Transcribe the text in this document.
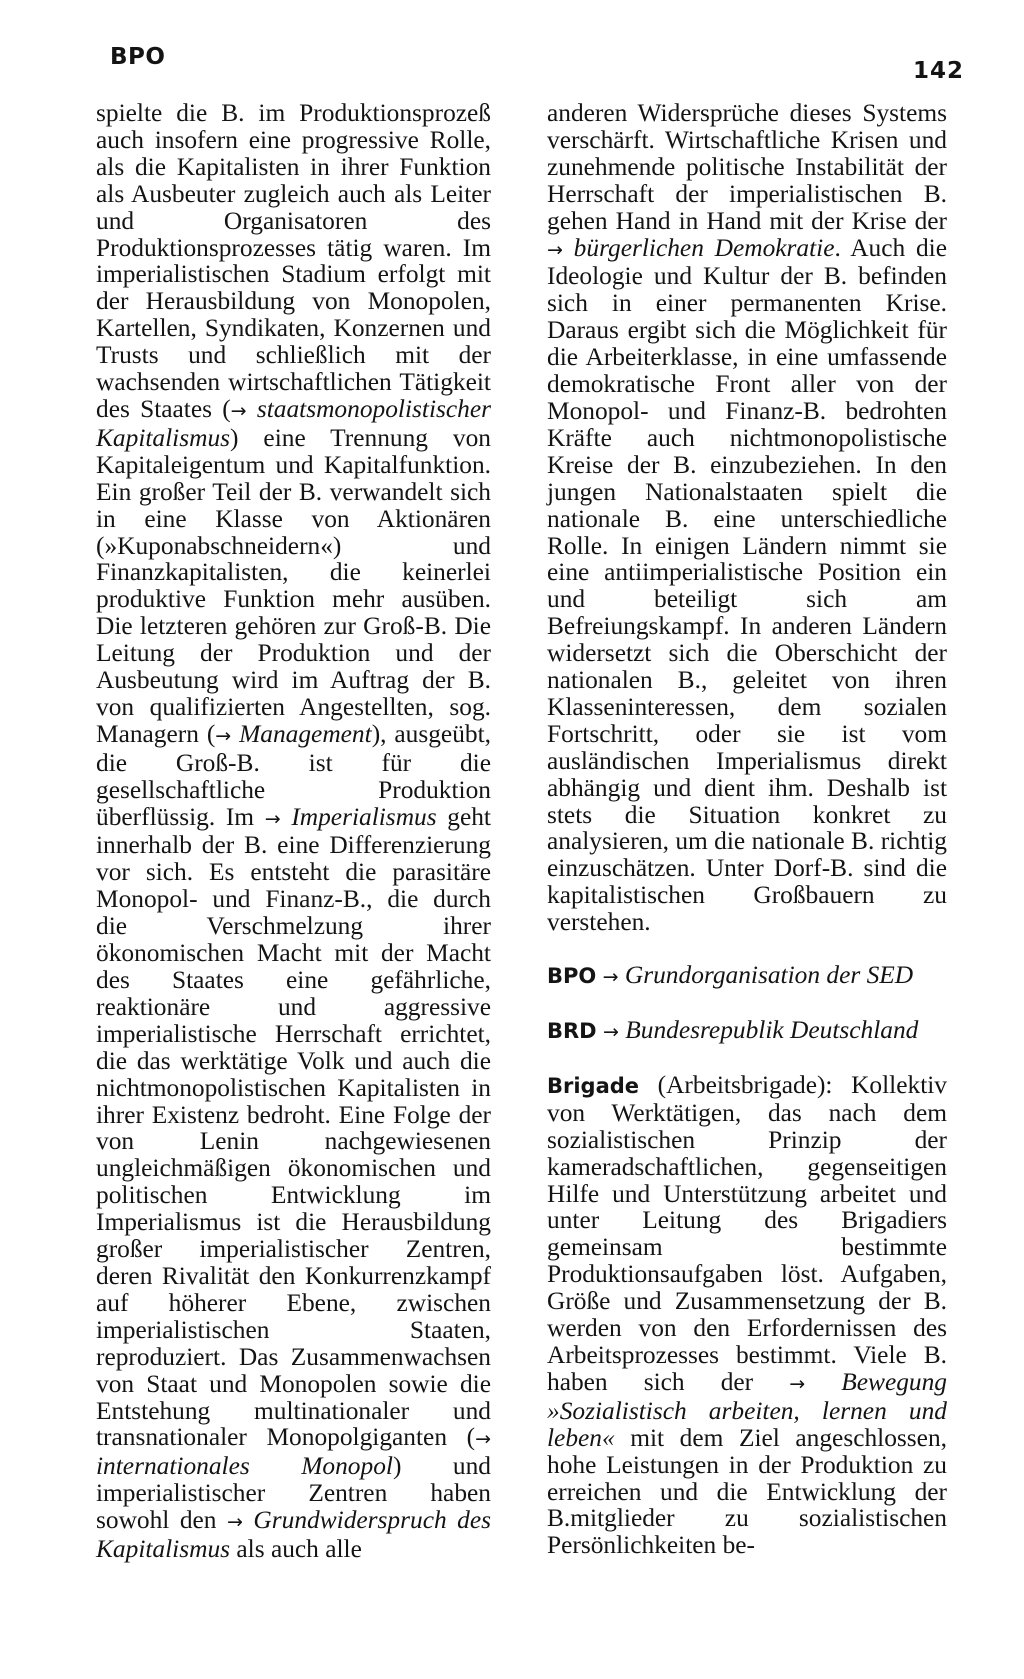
BPO
142

spielte die B. im Produktionsprozeß auch insofern eine progressive Rolle, als die Kapitalisten in ihrer Funktion als Ausbeuter zugleich auch als Leiter und Organisatoren des Produktionsprozesses tätig waren. Im imperialistischen Stadium erfolgt mit der Herausbildung von Monopolen, Kartellen, Syndikaten, Konzernen und Trusts und schließlich mit der wachsenden wirtschaftlichen Tätigkeit des Staates (→ staatsmonopolistischer Kapitalismus) eine Trennung von Kapitaleigentum und Kapitalfunktion. Ein großer Teil der B. verwandelt sich in eine Klasse von Aktionären (»Kuponabschneidern«) und Finanzkapitalisten, die keinerlei produktive Funktion mehr ausüben. Die letzteren gehören zur Groß-B. Die Leitung der Produktion und der Ausbeutung wird im Auftrag der B. von qualifizierten Angestellten, sog. Managern (→ Management), ausgeübt, die Groß-B. ist für die gesellschaftliche Produktion überflüssig. Im → Imperialismus geht innerhalb der B. eine Differenzierung vor sich. Es entsteht die parasitäre Monopol- und Finanz-B., die durch die Verschmelzung ihrer ökonomischen Macht mit der Macht des Staates eine gefährliche, reaktionäre und aggressive imperialistische Herrschaft errichtet, die das werktätige Volk und auch die nichtmonopolistischen Kapitalisten in ihrer Existenz bedroht. Eine Folge der von Lenin nachgewiesenen ungleichmäßigen ökonomischen und politischen Entwicklung im Imperialismus ist die Herausbildung großer imperialistischer Zentren, deren Rivalität den Konkurrenzkampf auf höherer Ebene, zwischen imperialistischen Staaten, reproduziert. Das Zusammenwachsen von Staat und Monopolen sowie die Entstehung multinationaler und transnationaler Monopolgiganten (→ internationales Monopol) und imperialistischer Zentren haben sowohl den → Grundwiderspruch des Kapitalismus als auch alle

anderen Widersprüche dieses Systems verschärft. Wirtschaftliche Krisen und zunehmende politische Instabilität der Herrschaft der imperialistischen B. gehen Hand in Hand mit der Krise der → bürgerlichen Demokratie. Auch die Ideologie und Kultur der B. befinden sich in einer permanenten Krise. Daraus ergibt sich die Möglichkeit für die Arbeiterklasse, in eine umfassende demokratische Front aller von der Monopol- und Finanz-B. bedrohten Kräfte auch nichtmonopolistische Kreise der B. einzubeziehen. In den jungen Nationalstaaten spielt die nationale B. eine unterschiedliche Rolle. In einigen Ländern nimmt sie eine antiimperialistische Position ein und beteiligt sich am Befreiungskampf. In anderen Ländern widersetzt sich die Oberschicht der nationalen B., geleitet von ihren Klasseninteressen, dem sozialen Fortschritt, oder sie ist vom ausländischen Imperialismus direkt abhängig und dient ihm. Deshalb ist stets die Situation konkret zu analysieren, um die nationale B. richtig einzuschätzen. Unter Dorf-B. sind die kapitalistischen Großbauern zu verstehen.

BPO → Grundorganisation der SED

BRD → Bundesrepublik Deutschland

Brigade (Arbeitsbrigade): Kollektiv von Werktätigen, das nach dem sozialistischen Prinzip der kameradschaftlichen, gegenseitigen Hilfe und Unterstützung arbeitet und unter Leitung des Brigadiers gemeinsam bestimmte Produktionsaufgaben löst. Aufgaben, Größe und Zusammensetzung der B. werden von den Erfordernissen des Arbeitsprozesses bestimmt. Viele B. haben sich der → Bewegung »Sozialistisch arbeiten, lernen und leben« mit dem Ziel angeschlossen, hohe Leistungen in der Produktion zu erreichen und die Entwicklung der B.mitglieder zu sozialistischen Persönlichkeiten be-
